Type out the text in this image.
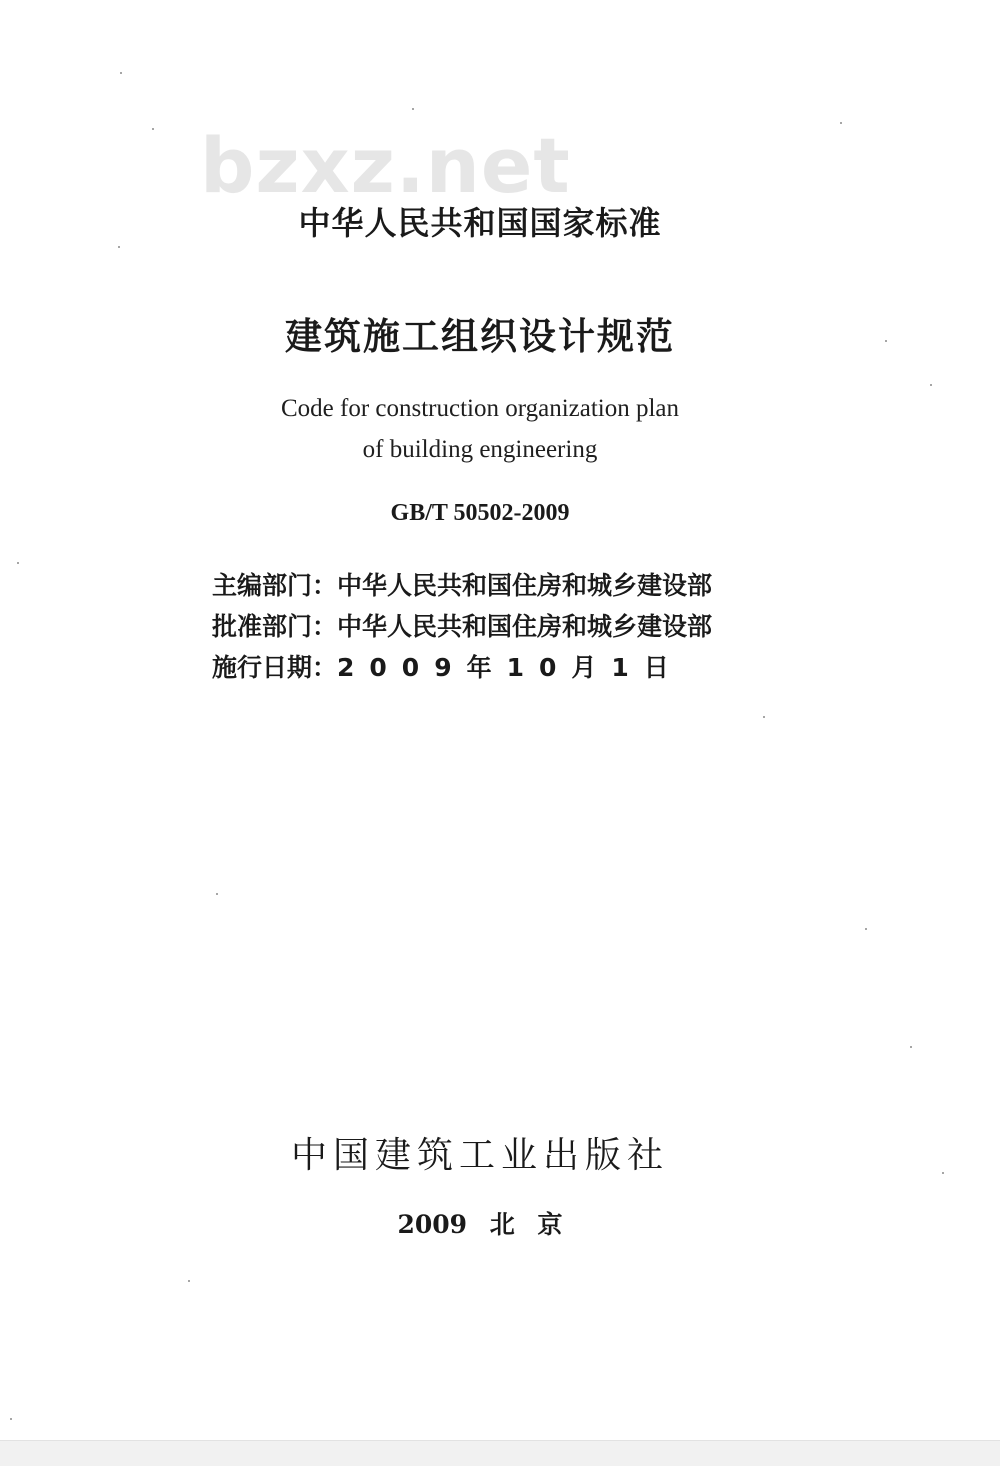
bzxz.net
中华人民共和国国家标准
建筑施工组织设计规范
Code for construction organization plan
of building engineering
GB/T 50502-2009
主编部门：中华人民共和国住房和城乡建设部
批准部门：中华人民共和国住房和城乡建设部
施行日期：2009年10月1日
中国建筑工业出版社
2009 北 京
